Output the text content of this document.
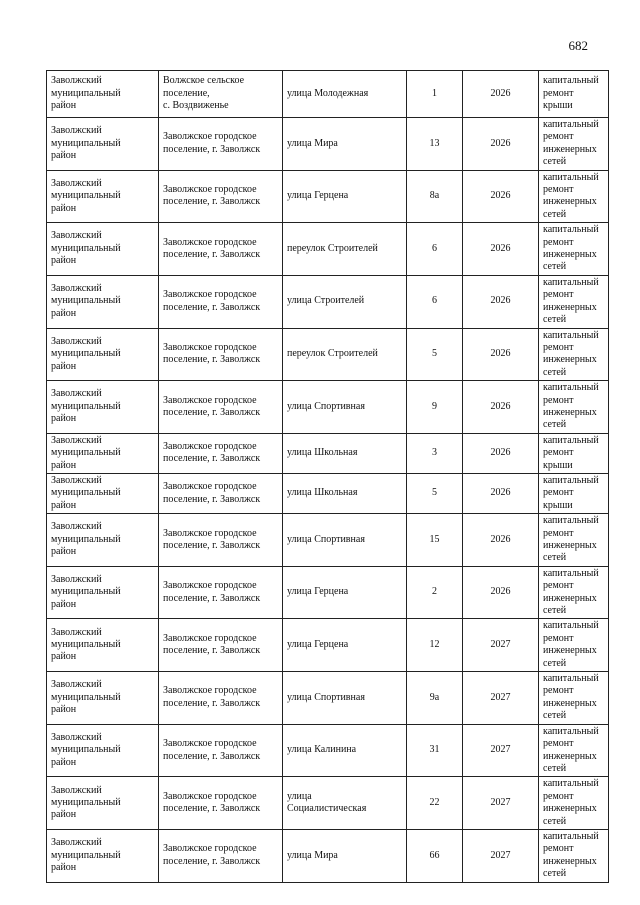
682
Заволжский
муниципальный
район	Волжское сельское
поселение,
с. Воздвиженье	улица Молодежная	1	2026	капитальный
ремонт крыши

Заволжский
муниципальный
район	Заволжское городское
поселение, г. Заволжск	улица Мира	13	2026	капитальный
ремонт
инженерных
сетей

Заволжский
муниципальный
район	Заволжское городское
поселение, г. Заволжск	улица Герцена	8а	2026	капитальный
ремонт
инженерных
сетей

Заволжский
муниципальный
район	Заволжское городское
поселение, г. Заволжск	переулок Строителей	6	2026	капитальный
ремонт
инженерных
сетей

Заволжский
муниципальный
район	Заволжское городское
поселение, г. Заволжск	улица Строителей	6	2026	капитальный
ремонт
инженерных
сетей

Заволжский
муниципальный
район	Заволжское городское
поселение, г. Заволжск	переулок Строителей	5	2026	капитальный
ремонт
инженерных
сетей

Заволжский
муниципальный
район	Заволжское городское
поселение, г. Заволжск	улица Спортивная	9	2026	капитальный
ремонт
инженерных
сетей

Заволжский
муниципальный
район	Заволжское городское
поселение, г. Заволжск	улица Школьная	3	2026	капитальный
ремонт крыши

Заволжский
муниципальный
район	Заволжское городское
поселение, г. Заволжск	улица Школьная	5	2026	капитальный
ремонт крыши

Заволжский
муниципальный
район	Заволжское городское
поселение, г. Заволжск	улица Спортивная	15	2026	капитальный
ремонт
инженерных
сетей

Заволжский
муниципальный
район	Заволжское городское
поселение, г. Заволжск	улица Герцена	2	2026	капитальный
ремонт
инженерных
сетей

Заволжский
муниципальный
район	Заволжское городское
поселение, г. Заволжск	улица Герцена	12	2027	капитальный
ремонт
инженерных
сетей

Заволжский
муниципальный
район	Заволжское городское
поселение, г. Заволжск	улица Спортивная	9а	2027	капитальный
ремонт
инженерных
сетей

Заволжский
муниципальный
район	Заволжское городское
поселение, г. Заволжск	улица Калинина	31	2027	капитальный
ремонт
инженерных
сетей

Заволжский
муниципальный
район	Заволжское городское
поселение, г. Заволжск	улица
Социалистическая	22	2027	капитальный
ремонт
инженерных
сетей

Заволжский
муниципальный
район	Заволжское городское
поселение, г. Заволжск	улица Мира	66	2027	капитальный
ремонт
инженерных
сетей
